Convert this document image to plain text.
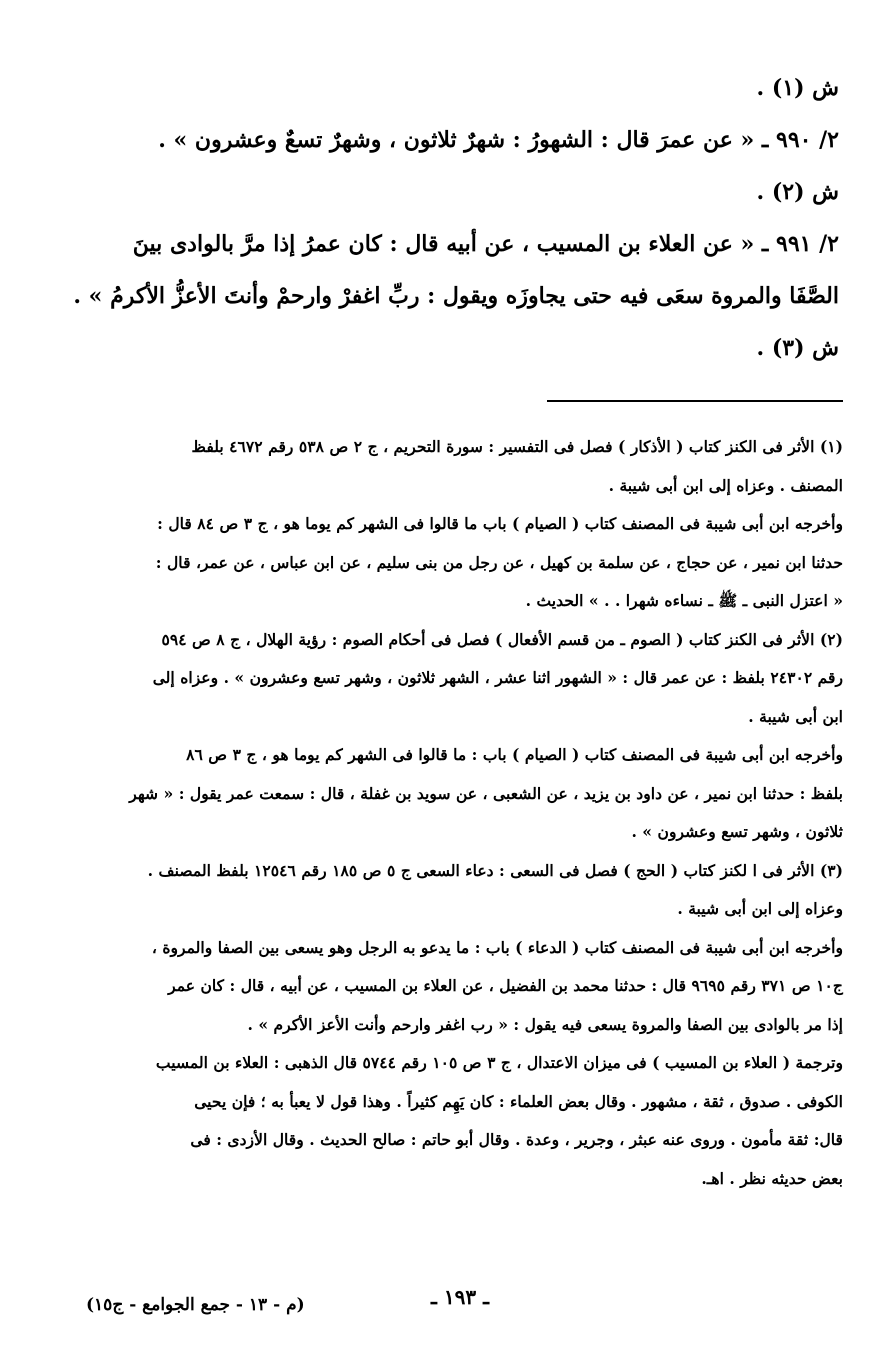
ش (١) .

٢/ ٩٩٠ ـ « عن عمرَ قال : الشهورُ : شهرٌ ثلاثون ، وشهرٌ تسعٌ وعشرون » .

ش (٢) .

٢/ ٩٩١ ـ « عن العلاء بن المسيب ، عن أبيه قال : كان عمرُ إذا مرَّ بالوادى بينَ

الصَّفَا والمروة سعَى فيه حتى يجاوزَه ويقول : ربِّ اغفرْ وارحمْ وأنتَ الأعزُّ الأكرمُ » .

ش (٣) .

(١) الأثر فى الكنز كتاب ( الأذكار ) فصل فى التفسير : سورة التحريم ، ج ٢ ص ٥٣٨ رقم ٤٦٧٢ بلفظ

المصنف . وعزاه إلى ابن أبى شيبة .

وأخرجه ابن أبى شيبة فى المصنف كتاب ( الصيام ) باب ما قالوا فى الشهر كم يوما هو ، ج ٣ ص ٨٤ قال :

حدثنا ابن نمير ، عن حجاج ، عن سلمة بن كهيل ، عن رجل من بنى سليم ، عن ابن عباس ، عن عمر، قال :

« اعتزل النبى ـ ﷺ ـ نساءه شهرا . . » الحديث .

(٢) الأثر فى الكنز كتاب ( الصوم ـ من قسم الأفعال ) فصل فى أحكام الصوم : رؤية الهلال ، ج ٨ ص ٥٩٤

رقم ٢٤٣٠٢ بلفظ : عن عمر قال : « الشهور اثنا عشر ، الشهر ثلاثون ، وشهر تسع وعشرون » . وعزاه إلى

ابن أبى شيبة .

وأخرجه ابن أبى شيبة فى المصنف كتاب ( الصيام ) باب : ما قالوا فى الشهر كم يوما هو ، ج ٣ ص ٨٦

بلفظ : حدثنا ابن نمير ، عن داود بن يزيد ، عن الشعبى ، عن سويد بن غفلة ، قال : سمعت عمر يقول : « شهر

ثلاثون ، وشهر تسع وعشرون » .

(٣) الأثر فى ا لكنز كتاب ( الحج ) فصل فى السعى : دعاء السعى ج ٥ ص ١٨٥ رقم ١٢٥٤٦ بلفظ المصنف .

وعزاه إلى ابن أبى شيبة .

وأخرجه ابن أبى شيبة فى المصنف كتاب ( الدعاء ) باب : ما يدعو به الرجل وهو يسعى بين الصفا والمروة ،

ج١٠ ص ٣٧١ رقم ٩٦٩٥ قال : حدثنا محمد بن الفضيل ، عن العلاء بن المسيب ، عن أبيه ، قال : كان عمر

إذا مر بالوادى بين الصفا والمروة يسعى فيه يقول : « رب اغفر وارحم وأنت الأعز الأكرم » .

وترجمة ( العلاء بن المسيب ) فى ميزان الاعتدال ، ج ٣ ص ١٠٥ رقم ٥٧٤٤ قال الذهبى : العلاء بن المسيب

الكوفى . صدوق ، ثقة ، مشهور . وقال بعض العلماء : كان يَهِم كثيراً . وهذا قول لا يعبأ به ؛ فإن يحيى

قال: ثقة مأمون . وروى عنه عبثر ، وجرير ، وعدة . وقال أبو حاتم : صالح الحديث . وقال الأزدى : فى

بعض حديثه نظر . اهـ.

ـ ١٩٣ ـ
(م - ١٣ - جمع الجوامع - ج١٥)
